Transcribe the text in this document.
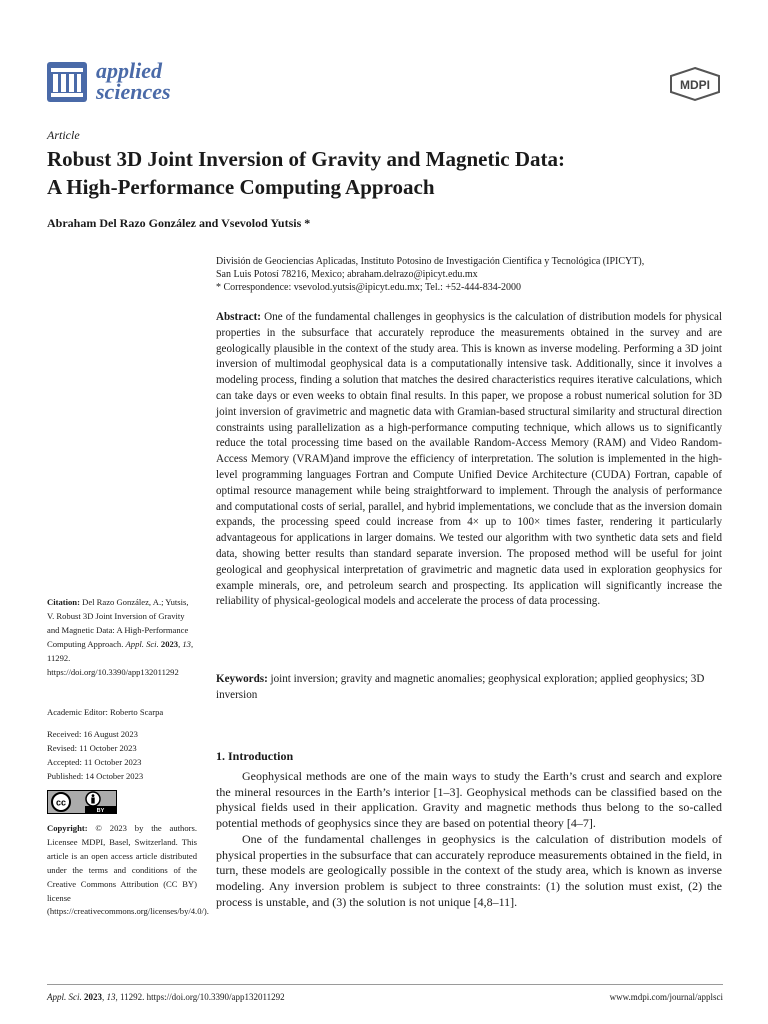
applied
sciences	MDPI
Article
Robust 3D Joint Inversion of Gravity and Magnetic Data:
A High-Performance Computing Approach
Abraham Del Razo González and Vsevolod Yutsis *
División de Geociencias Aplicadas, Instituto Potosino de Investigación Científica y Tecnológica (IPICYT),
San Luis Potosí 78216, Mexico; abraham.delrazo@ipicyt.edu.mx
* Correspondence: vsevolod.yutsis@ipicyt.edu.mx; Tel.: +52-444-834-2000
Abstract: One of the fundamental challenges in geophysics is the calculation of distribution models for physical properties in the subsurface that accurately reproduce the measurements obtained in the survey and are geologically plausible in the context of the study area. This is known as inverse modeling. Performing a 3D joint inversion of multimodal geophysical data is a computationally intensive task. Additionally, since it involves a modeling process, finding a solution that matches the desired characteristics requires iterative calculations, which can take days or even weeks to obtain final results. In this paper, we propose a robust numerical solution for 3D joint inversion of gravimetric and magnetic data with Gramian-based structural similarity and structural direction constraints using parallelization as a high-performance computing technique, which allows us to significantly reduce the total processing time based on the available Random-Access Memory (RAM) and Video Random-Access Memory (VRAM)and improve the efficiency of interpretation. The solution is implemented in the high-level programming languages Fortran and Compute Unified Device Architecture (CUDA) Fortran, capable of optimal resource management while being straightforward to implement. Through the analysis of performance and computational costs of serial, parallel, and hybrid implementations, we conclude that as the inversion domain expands, the processing speed could increase from 4× up to 100× times faster, rendering it particularly advantageous for applications in larger domains. We tested our algorithm with two synthetic data sets and field data, showing better results than standard separate inversion. The proposed method will be useful for joint geological and geophysical interpretation of gravimetric and magnetic data used in exploration geophysics for example minerals, ore, and petroleum search and prospecting. Its application will significantly increase the reliability of physical-geological models and accelerate the process of data processing.
Keywords: joint inversion; gravity and magnetic anomalies; geophysical exploration; applied geophysics; 3D inversion
Citation: Del Razo González, A.; Yutsis, V. Robust 3D Joint Inversion of Gravity and Magnetic Data: A High-Performance Computing Approach. Appl. Sci. 2023, 13, 11292. https://doi.org/10.3390/app132011292
Academic Editor: Roberto Scarpa
Received: 16 August 2023
Revised: 11 October 2023
Accepted: 11 October 2023
Published: 14 October 2023
cc
BY
Copyright: © 2023 by the authors. Licensee MDPI, Basel, Switzerland. This article is an open access article distributed under the terms and conditions of the Creative Commons Attribution (CC BY) license (https://creativecommons.org/licenses/by/4.0/).
1. Introduction

Geophysical methods are one of the main ways to study the Earth’s crust and search and explore the mineral resources in the Earth’s interior [1–3]. Geophysical methods can be classified based on the physical fields used in their application. Gravity and magnetic methods thus belong to the so-called potential methods of geophysics since they are based on potential theory [4–7].

One of the fundamental challenges in geophysics is the calculation of distribution models of physical properties in the subsurface that can accurately reproduce measurements obtained in the field, in turn, these models are geologically possible in the context of the study area, which is known as inverse modeling. Any inversion problem is subject to three constraints: (1) the solution must exist, (2) the process is unstable, and (3) the solution is not unique [4,8–11].

Appl. Sci. 2023, 13, 11292. https://doi.org/10.3390/app132011292	www.mdpi.com/journal/applsci
